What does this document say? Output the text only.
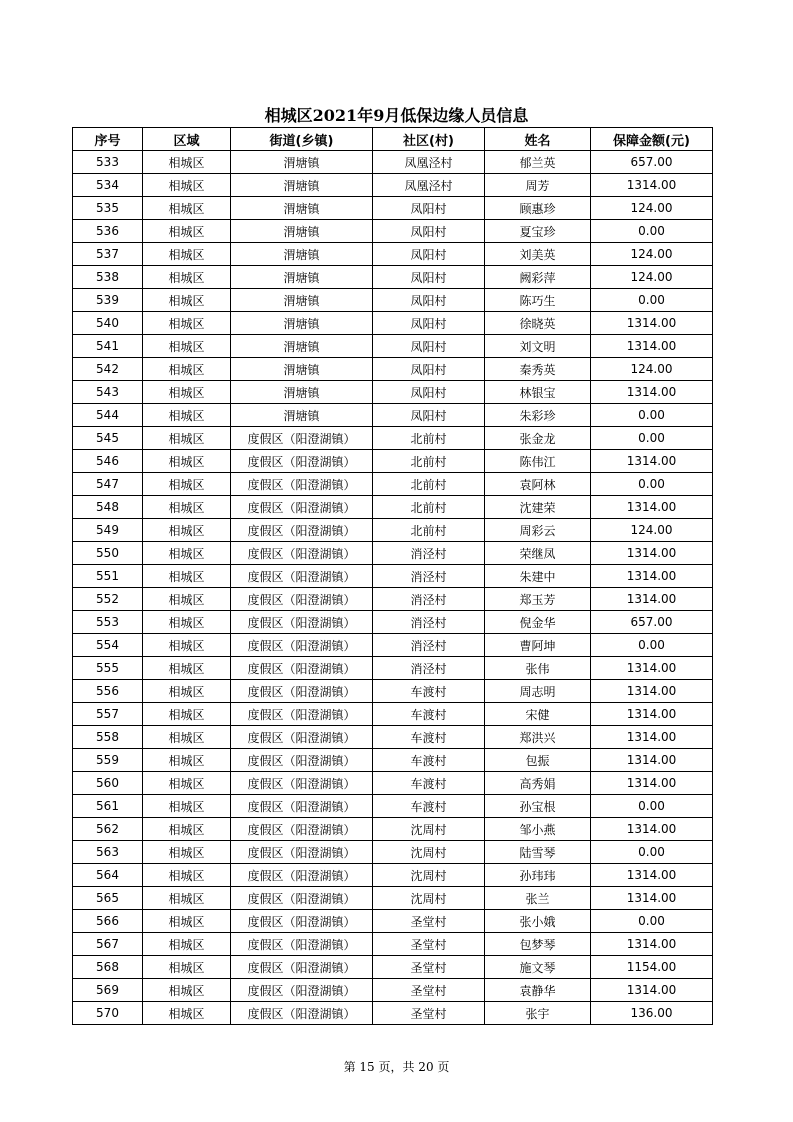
相城区2021年9月低保边缘人员信息
序号	区域	街道(乡镇)	社区(村)	姓名	保障金额(元)
533	相城区	渭塘镇	凤凰泾村	郁兰英	657.00
534	相城区	渭塘镇	凤凰泾村	周芳	1314.00
535	相城区	渭塘镇	凤阳村	顾惠珍	124.00
536	相城区	渭塘镇	凤阳村	夏宝珍	0.00
537	相城区	渭塘镇	凤阳村	刘美英	124.00
538	相城区	渭塘镇	凤阳村	阙彩萍	124.00
539	相城区	渭塘镇	凤阳村	陈巧生	0.00
540	相城区	渭塘镇	凤阳村	徐晓英	1314.00
541	相城区	渭塘镇	凤阳村	刘文明	1314.00
542	相城区	渭塘镇	凤阳村	秦秀英	124.00
543	相城区	渭塘镇	凤阳村	林银宝	1314.00
544	相城区	渭塘镇	凤阳村	朱彩珍	0.00
545	相城区	度假区（阳澄湖镇）	北前村	张金龙	0.00
546	相城区	度假区（阳澄湖镇）	北前村	陈伟江	1314.00
547	相城区	度假区（阳澄湖镇）	北前村	袁阿林	0.00
548	相城区	度假区（阳澄湖镇）	北前村	沈建荣	1314.00
549	相城区	度假区（阳澄湖镇）	北前村	周彩云	124.00
550	相城区	度假区（阳澄湖镇）	消泾村	荣继凤	1314.00
551	相城区	度假区（阳澄湖镇）	消泾村	朱建中	1314.00
552	相城区	度假区（阳澄湖镇）	消泾村	郑玉芳	1314.00
553	相城区	度假区（阳澄湖镇）	消泾村	倪金华	657.00
554	相城区	度假区（阳澄湖镇）	消泾村	曹阿坤	0.00
555	相城区	度假区（阳澄湖镇）	消泾村	张伟	1314.00
556	相城区	度假区（阳澄湖镇）	车渡村	周志明	1314.00
557	相城区	度假区（阳澄湖镇）	车渡村	宋健	1314.00
558	相城区	度假区（阳澄湖镇）	车渡村	郑洪兴	1314.00
559	相城区	度假区（阳澄湖镇）	车渡村	包振	1314.00
560	相城区	度假区（阳澄湖镇）	车渡村	高秀娟	1314.00
561	相城区	度假区（阳澄湖镇）	车渡村	孙宝根	0.00
562	相城区	度假区（阳澄湖镇）	沈周村	邹小燕	1314.00
563	相城区	度假区（阳澄湖镇）	沈周村	陆雪琴	0.00
564	相城区	度假区（阳澄湖镇）	沈周村	孙玮玮	1314.00
565	相城区	度假区（阳澄湖镇）	沈周村	张兰	1314.00
566	相城区	度假区（阳澄湖镇）	圣堂村	张小娥	0.00
567	相城区	度假区（阳澄湖镇）	圣堂村	包梦琴	1314.00
568	相城区	度假区（阳澄湖镇）	圣堂村	施文琴	1154.00
569	相城区	度假区（阳澄湖镇）	圣堂村	袁静华	1314.00
570	相城区	度假区（阳澄湖镇）	圣堂村	张宇	136.00
第 15 页，共 20 页
